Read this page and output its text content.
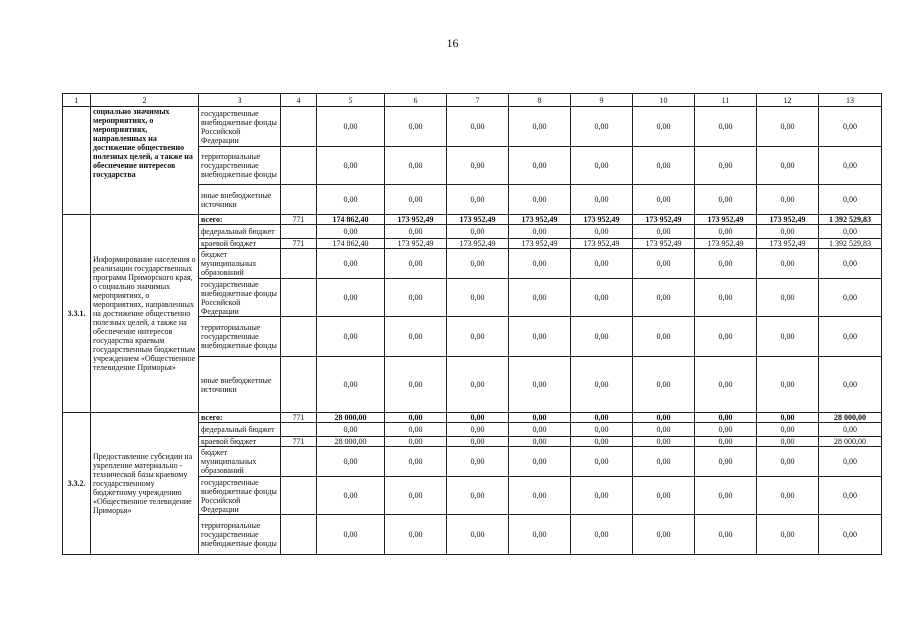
16
1	2	3	4	5	6	7	8	9	10	11	12	13
	социально значимых мероприятиях, о мероприятиях, направленных на достижение общественно полезных целей, а также на обеспечение интересов государства	государственные внебюджетные фонды Российской Федерации		0,00	0,00	0,00	0,00	0,00	0,00	0,00	0,00	0,00
		территориальные государственные внебюджетные фонды		0,00	0,00	0,00	0,00	0,00	0,00	0,00	0,00	0,00
		иные внебюджетные источники		0,00	0,00	0,00	0,00	0,00	0,00	0,00	0,00	0,00
3.3.1.	Информирование населения о реализации государственных программ Приморского края, о социально значимых мероприятиях, о мероприятиях, направленных на достижение общественно полезных целей, а также на обеспечение интересов государства краевым государственным бюджетным учреждением «Общественное телевидение Приморья»	всего:	771	174 862,40	173 952,49	173 952,49	173 952,49	173 952,49	173 952,49	173 952,49	173 952,49	1 392 529,83
		федеральный бюджет		0,00	0,00	0,00	0,00	0,00	0,00	0,00	0,00	0,00
		краевой бюджет	771	174 862,40	173 952,49	173 952,49	173 952,49	173 952,49	173 952,49	173 952,49	173 952,49	1 392 529,83
		бюджет муниципальных образований		0,00	0,00	0,00	0,00	0,00	0,00	0,00	0,00	0,00
		государственные внебюджетные фонды Российской Федерации		0,00	0,00	0,00	0,00	0,00	0,00	0,00	0,00	0,00
		территориальные государственные внебюджетные фонды		0,00	0,00	0,00	0,00	0,00	0,00	0,00	0,00	0,00
		иные внебюджетные источники		0,00	0,00	0,00	0,00	0,00	0,00	0,00	0,00	0,00
3.3.2.	Предоставление субсидии на укрепление материально - технической базы краевому государственному бюджетному учреждению «Общественное телевидение Приморья»	всего:	771	28 000,00	0,00	0,00	0,00	0,00	0,00	0,00	0,00	28 000,00
		федеральный бюджет		0,00	0,00	0,00	0,00	0,00	0,00	0,00	0,00	0,00
		краевой бюджет	771	28 000,00	0,00	0,00	0,00	0,00	0,00	0,00	0,00	28 000,00
		бюджет муниципальных образований		0,00	0,00	0,00	0,00	0,00	0,00	0,00	0,00	0,00
		государственные внебюджетные фонды Российской Федерации		0,00	0,00	0,00	0,00	0,00	0,00	0,00	0,00	0,00
		территориальные государственные внебюджетные фонды		0,00	0,00	0,00	0,00	0,00	0,00	0,00	0,00	0,00
